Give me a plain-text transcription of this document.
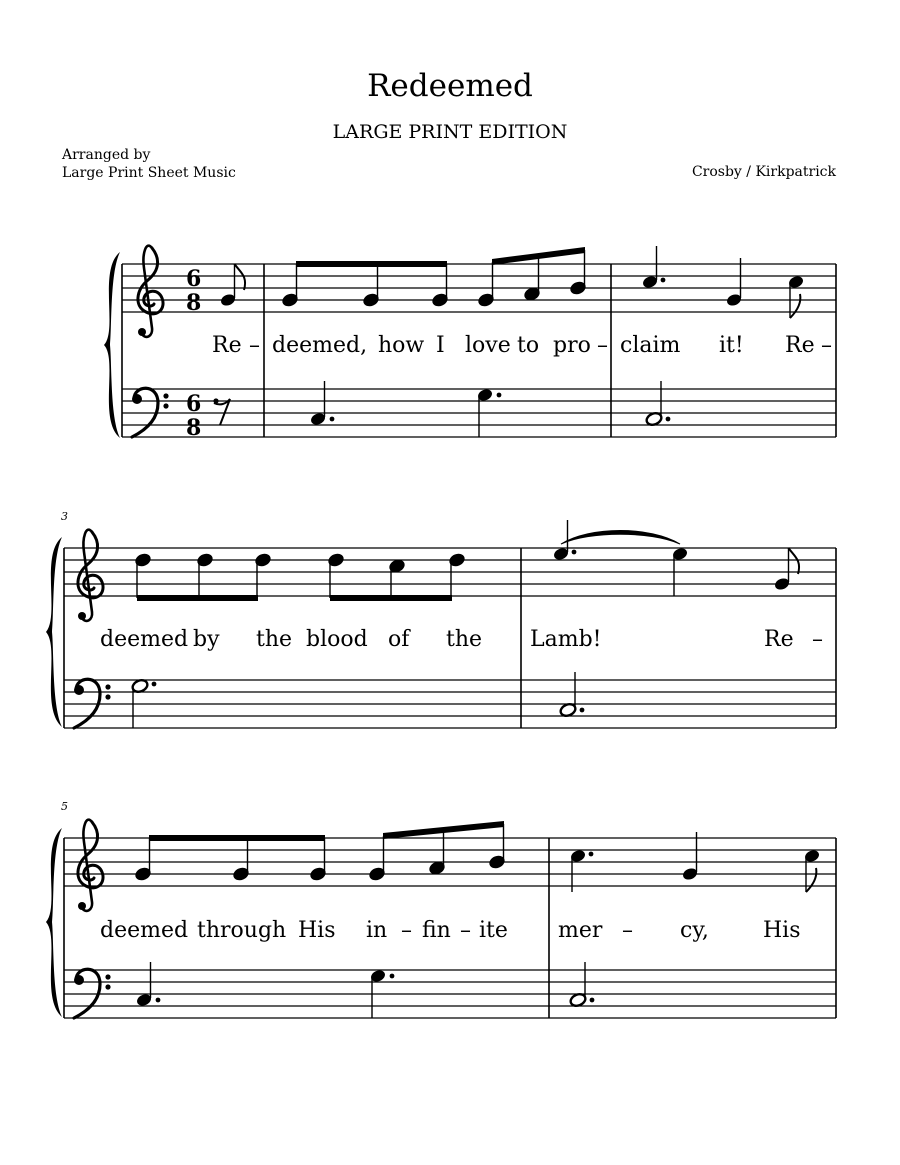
Redeemed
LARGE PRINT EDITION
Arranged by
Large Print Sheet Music	Crosby / Kirkpatrick
6
8
6
8
Re – deemed, how I love to pro – claim it! Re –
3
deemed by the blood of the Lamb!	Re –
5
deemed through His in – fin – ite mer – cy, His
